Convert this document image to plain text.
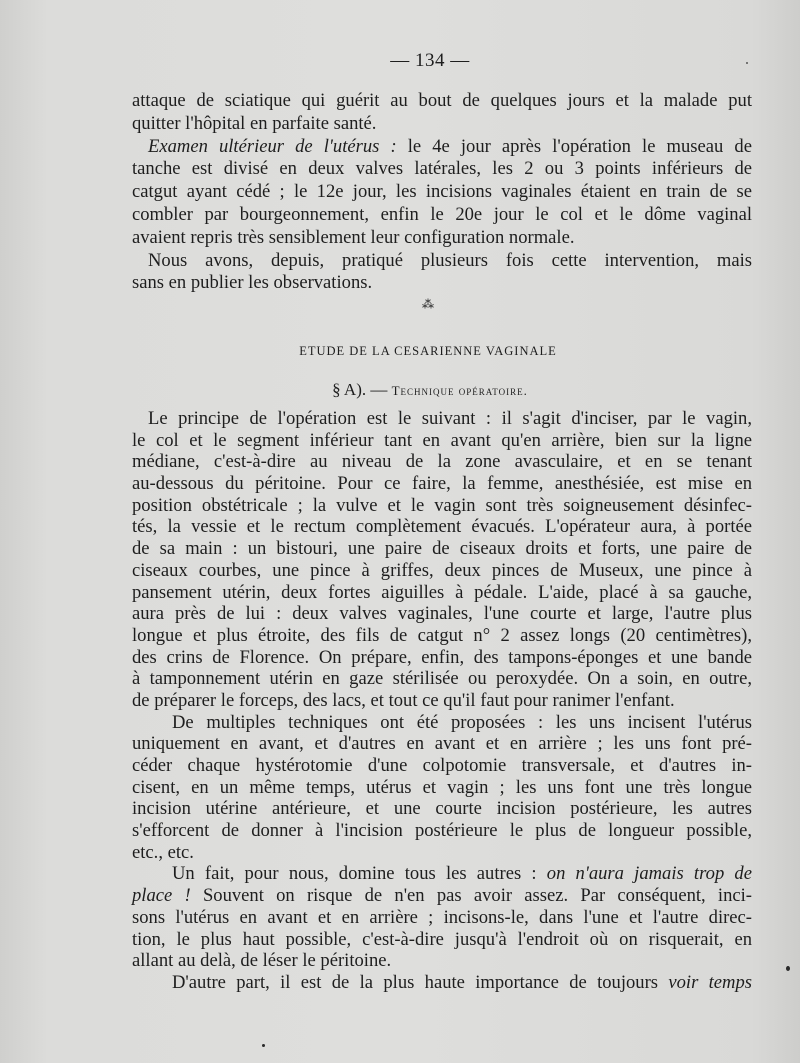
— 134 —
attaque de sciatique qui guérit au bout de quelques jours et la malade put
quitter l'hôpital en parfaite santé.
Examen ultérieur de l'utérus : le 4e jour après l'opération le museau de
tanche est divisé en deux valves latérales, les 2 ou 3 points inférieurs de
catgut ayant cédé ; le 12e jour, les incisions vaginales étaient en train de se
combler par bourgeonnement, enfin le 20e jour le col et le dôme vaginal
avaient repris très sensiblement leur configuration normale.
Nous avons, depuis, pratiqué plusieurs fois cette intervention, mais
sans en publier les observations.
⁂
ETUDE DE LA CESARIENNE VAGINALE
§ A). — Technique opératoire.
Le principe de l'opération est le suivant : il s'agit d'inciser, par le vagin,
le col et le segment inférieur tant en avant qu'en arrière, bien sur la ligne
médiane, c'est-à-dire au niveau de la zone avasculaire, et en se tenant
au-dessous du péritoine. Pour ce faire, la femme, anesthésiée, est mise en
position obstétricale ; la vulve et le vagin sont très soigneusement désinfec-
tés, la vessie et le rectum complètement évacués. L'opérateur aura, à portée
de sa main : un bistouri, une paire de ciseaux droits et forts, une paire de
ciseaux courbes, une pince à griffes, deux pinces de Museux, une pince à
pansement utérin, deux fortes aiguilles à pédale. L'aide, placé à sa gauche,
aura près de lui : deux valves vaginales, l'une courte et large, l'autre plus
longue et plus étroite, des fils de catgut n° 2 assez longs (20 centimètres),
des crins de Florence. On prépare, enfin, des tampons-éponges et une bande
à tamponnement utérin en gaze stérilisée ou peroxydée. On a soin, en outre,
de préparer le forceps, des lacs, et tout ce qu'il faut pour ranimer l'enfant.
De multiples techniques ont été proposées : les uns incisent l'utérus
uniquement en avant, et d'autres en avant et en arrière ; les uns font pré-
céder chaque hystérotomie d'une colpotomie transversale, et d'autres in-
cisent, en un même temps, utérus et vagin ; les uns font une très longue
incision utérine antérieure, et une courte incision postérieure, les autres
s'efforcent de donner à l'incision postérieure le plus de longueur possible,
etc., etc.
Un fait, pour nous, domine tous les autres : on n'aura jamais trop de
place ! Souvent on risque de n'en pas avoir assez. Par conséquent, inci-
sons l'utérus en avant et en arrière ; incisons-le, dans l'une et l'autre direc-
tion, le plus haut possible, c'est-à-dire jusqu'à l'endroit où on risquerait, en
allant au delà, de léser le péritoine.
D'autre part, il est de la plus haute importance de toujours voir temps
